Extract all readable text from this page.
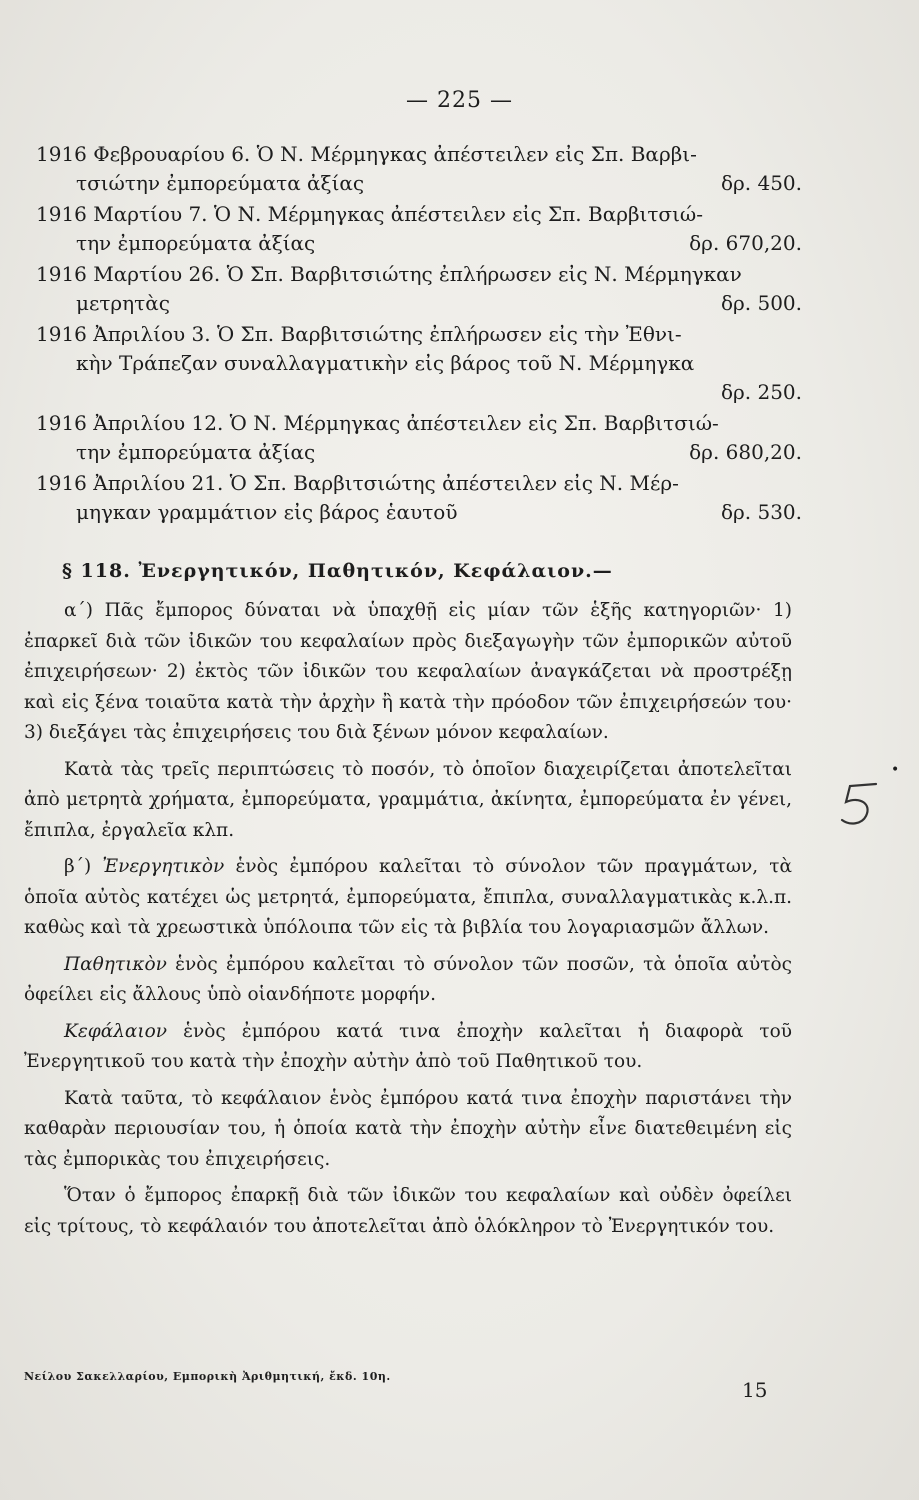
— 225 —
1916 Φεβρουαρίου 6. Ὁ Ν. Μέρμηγκας ἀπέστειλεν εἰς Σπ. Βαρβι-
τσιώτην ἐμπορεύματα ἀξίας	δρ. 450.
1916 Μαρτίου 7. Ὁ Ν. Μέρμηγκας ἀπέστειλεν εἰς Σπ. Βαρβιτσιώ-
την ἐμπορεύματα ἀξίας	δρ. 670,20.
1916 Μαρτίου 26. Ὁ Σπ. Βαρβιτσιώτης ἐπλήρωσεν εἰς Ν. Μέρμηγκαν
μετρητὰς	δρ. 500.
1916 Ἀπριλίου 3. Ὁ Σπ. Βαρβιτσιώτης ἐπλήρωσεν εἰς τὴν Ἐθνι-
κὴν Τράπεζαν συναλλαγματικὴν εἰς βάρος τοῦ Ν. Μέρμηγκα
δρ. 250.
1916 Ἀπριλίου 12. Ὁ Ν. Μέρμηγκας ἀπέστειλεν εἰς Σπ. Βαρβιτσιώ-
την ἐμπορεύματα ἀξίας	δρ. 680,20.
1916 Ἀπριλίου 21. Ὁ Σπ. Βαρβιτσιώτης ἀπέστειλεν εἰς Ν. Μέρ-
μηγκαν γραμμάτιον εἰς βάρος ἑαυτοῦ	δρ. 530.
§ 118. Ἐνεργητικόν, Παθητικόν, Κεφάλαιον.—

α΄) Πᾶς ἔμπορος δύναται νὰ ὑπαχθῇ εἰς μίαν τῶν ἑξῆς κατηγοριῶν· 1) ἐπαρκεῖ διὰ τῶν ἰδικῶν του κεφαλαίων πρὸς διεξαγωγὴν τῶν ἐμπορικῶν αὐτοῦ ἐπιχειρήσεων· 2) ἐκτὸς τῶν ἰδικῶν του κεφαλαίων ἀναγκάζεται νὰ προστρέξῃ καὶ εἰς ξένα τοιαῦτα κατὰ τὴν ἀρχὴν ἢ κατὰ τὴν πρόοδον τῶν ἐπιχειρήσεών του· 3) διεξάγει τὰς ἐπιχειρήσεις του διὰ ξένων μόνον κεφαλαίων.

Κατὰ τὰς τρεῖς περιπτώσεις τὸ ποσόν, τὸ ὁποῖον διαχειρίζεται ἀποτελεῖται ἀπὸ μετρητὰ χρήματα, ἐμπορεύματα, γραμμάτια, ἀκίνητα, ἐμπορεύματα ἐν γένει, ἔπιπλα, ἐργαλεῖα κλπ.

β΄) Ἐνεργητικὸν ἑνὸς ἐμπόρου καλεῖται τὸ σύνολον τῶν πραγμάτων, τὰ ὁποῖα αὐτὸς κατέχει ὡς μετρητά, ἐμπορεύματα, ἔπιπλα, συναλλαγματικὰς κ.λ.π. καθὼς καὶ τὰ χρεωστικὰ ὑπόλοιπα τῶν εἰς τὰ βιβλία του λογαριασμῶν ἄλλων.

Παθητικὸν ἑνὸς ἐμπόρου καλεῖται τὸ σύνολον τῶν ποσῶν, τὰ ὁποῖα αὐτὸς ὀφείλει εἰς ἄλλους ὑπὸ οἱανδήποτε μορφήν.

Κεφάλαιον ἑνὸς ἐμπόρου κατά τινα ἐποχὴν καλεῖται ἡ διαφορὰ τοῦ Ἐνεργητικοῦ του κατὰ τὴν ἐποχὴν αὐτὴν ἀπὸ τοῦ Παθητικοῦ του.

Κατὰ ταῦτα, τὸ κεφάλαιον ἑνὸς ἐμπόρου κατά τινα ἐποχὴν παριστάνει τὴν καθαρὰν περιουσίαν του, ἡ ὁποία κατὰ τὴν ἐποχὴν αὐτὴν εἶνε διατεθειμένη εἰς τὰς ἐμπορικὰς του ἐπιχειρήσεις.

Ὅταν ὁ ἔμπορος ἐπαρκῇ διὰ τῶν ἰδικῶν του κεφαλαίων καὶ οὐδὲν ὀφείλει εἰς τρίτους, τὸ κεφάλαιόν του ἀποτελεῖται ἀπὸ ὁλόκληρον τὸ Ἐνεργητικόν του.

•
Νείλου Σακελλαρίου, Εμπορικὴ Ἀριθμητική, ἔκδ. 10η.
15
